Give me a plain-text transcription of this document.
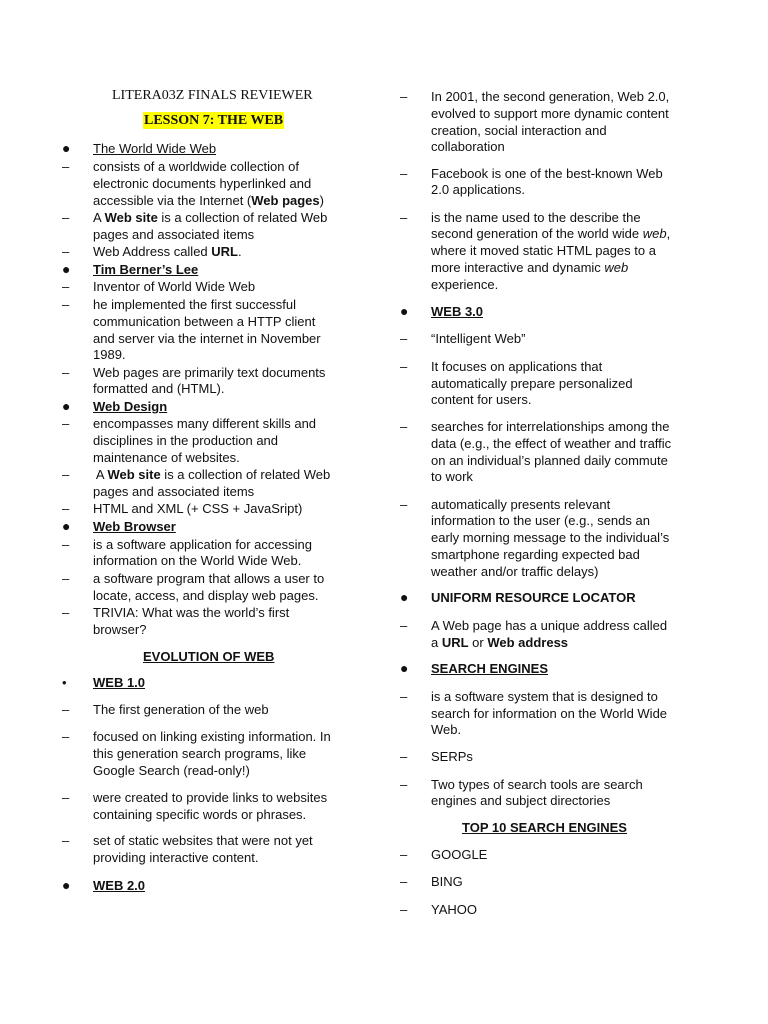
LITERA03Z FINALS REVIEWER
LESSON 7: THE WEB
●	The World Wide Web
–	consists of a worldwide collection of
electronic documents hyperlinked and
accessible via the Internet (Web pages)
–	A Web site is a collection of related Web
pages and associated items
–	Web Address called URL.
●	Tim Berner’s Lee
–	Inventor of World Wide Web
–	he implemented the first successful
communication between a HTTP client
and server via the internet in November
1989.
–	Web pages are primarily text documents
formatted and (HTML).
●	Web Design
–	encompasses many different skills and
disciplines in the production and
maintenance of websites.
–	A Web site is a collection of related Web
pages and associated items
–	HTML and XML (+ CSS + JavaSript)
●	Web Browser
–	is a software application for accessing
information on the World Wide Web.
–	a software program that allows a user to
locate, access, and display web pages.
–	TRIVIA: What was the world’s first
browser?
EVOLUTION OF WEB
•	WEB 1.0
–	The first generation of the web
–	focused on linking existing information. In
this generation search programs, like
Google Search (read-only!)
–	were created to provide links to websites
containing specific words or phrases.
–	set of static websites that were not yet
providing interactive content.
●	WEB 2.0
–	In 2001, the second generation, Web 2.0,
evolved to support more dynamic content
creation, social interaction and
collaboration
–	Facebook is one of the best-known Web
2.0 applications.
–	is the name used to the describe the
second generation of the world wide web,
where it moved static HTML pages to a
more interactive and dynamic web
experience.
●	WEB 3.0
–	“Intelligent Web”
–	It focuses on applications that
automatically prepare personalized
content for users.
–	searches for interrelationships among the
data (e.g., the effect of weather and traffic
on an individual’s planned daily commute
to work
–	automatically presents relevant
information to the user (e.g., sends an
early morning message to the individual’s
smartphone regarding expected bad
weather and/or traffic delays)
●	UNIFORM RESOURCE LOCATOR
–	A Web page has a unique address called
a URL or Web address
●	SEARCH ENGINES
–	is a software system that is designed to
search for information on the World Wide
Web.
–	SERPs
–	Two types of search tools are search
engines and subject directories
TOP 10 SEARCH ENGINES
–	GOOGLE
–	BING
–	YAHOO
